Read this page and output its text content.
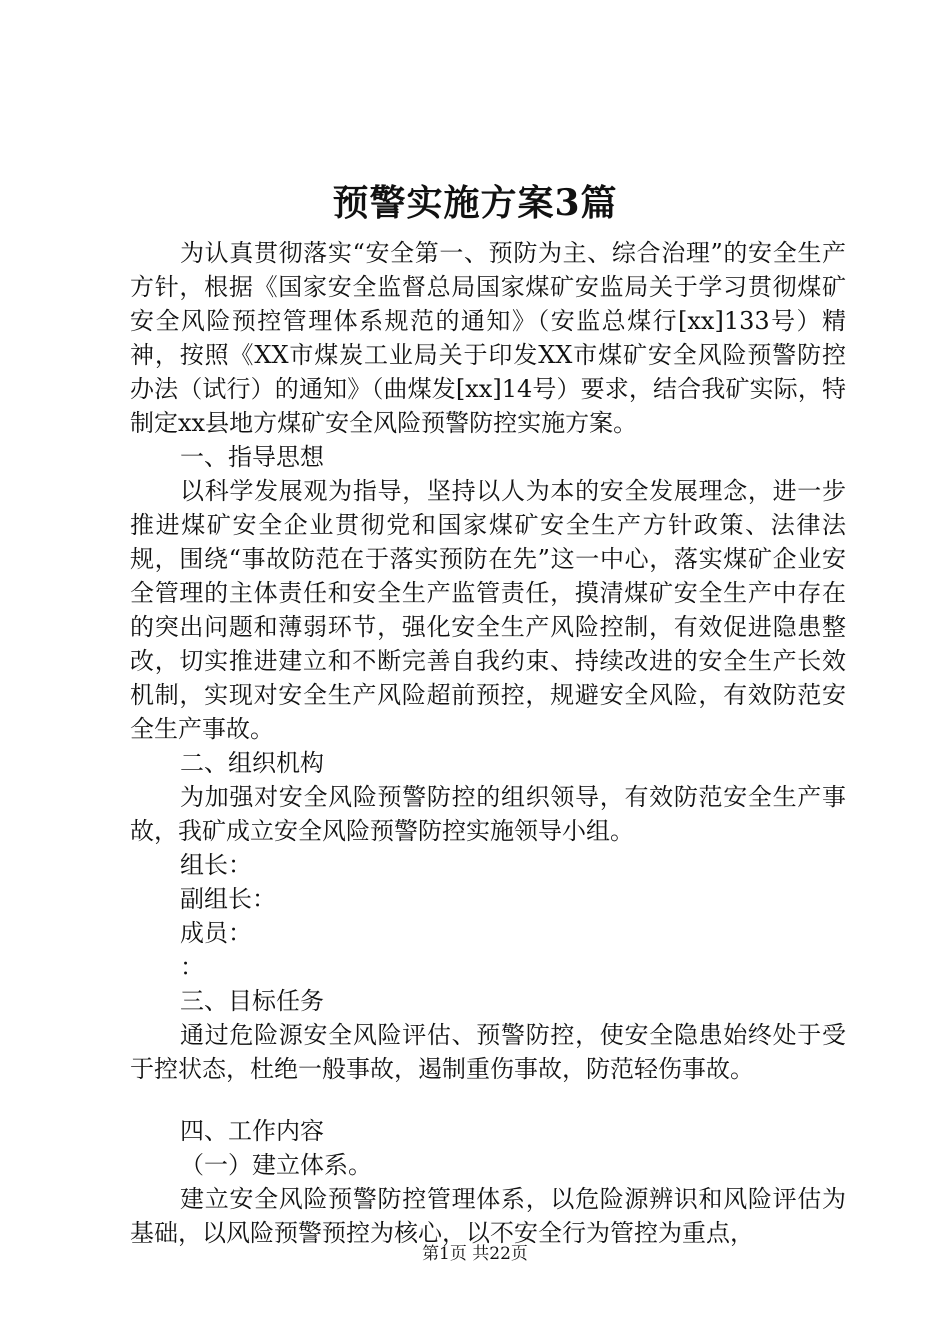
预警实施方案3篇

为认真贯彻落实“安全第一、预防为主、综合治理”的安全生产方针，根据《国家安全监督总局国家煤矿安监局关于学习贯彻煤矿安全风险预控管理体系规范的通知》（安监总煤行[xx]133号）精神，按照《XX市煤炭工业局关于印发XX市煤矿安全风险预警防控办法（试行）的通知》（曲煤发[xx]14号）要求，结合我矿实际，特制定xx县地方煤矿安全风险预警防控实施方案。

一、指导思想

以科学发展观为指导，坚持以人为本的安全发展理念，进一步推进煤矿安全企业贯彻党和国家煤矿安全生产方针政策、法律法规，围绕“事故防范在于落实预防在先”这一中心，落实煤矿企业安全管理的主体责任和安全生产监管责任，摸清煤矿安全生产中存在的突出问题和薄弱环节，强化安全生产风险控制，有效促进隐患整改，切实推进建立和不断完善自我约束、持续改进的安全生产长效机制，实现对安全生产风险超前预控，规避安全风险，有效防范安全生产事故。

二、组织机构

为加强对安全风险预警防控的组织领导，有效防范安全生产事故，我矿成立安全风险预警防控实施领导小组。

组长：

副组长：

成员：

：

三、目标任务

通过危险源安全风险评估、预警防控，使安全隐患始终处于受于控状态，杜绝一般事故，遏制重伤事故，防范轻伤事故。

四、工作内容

（一）建立体系。

建立安全风险预警防控管理体系，以危险源辨识和风险评估为基础，以风险预警预控为核心，以不安全行为管控为重点，

第1页 共22页
